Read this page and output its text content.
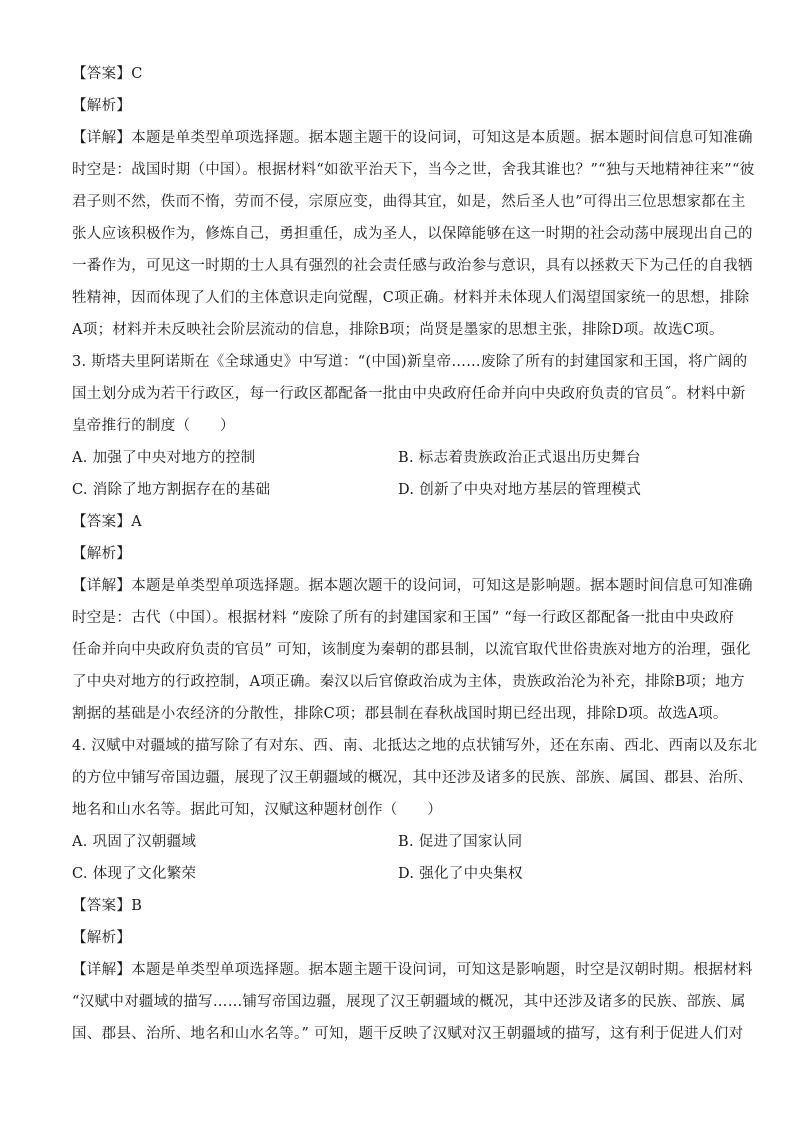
【答案】C
【解析】
【详解】本题是单类型单项选择题。据本题主题干的设问词，可知这是本质题。据本题时间信息可知准确
时空是：战国时期（中国）。根据材料“如欲平治天下，当今之世，舍我其谁也？”“独与天地精神往来”“彼
君子则不然，佚而不惰，劳而不侵，宗原应变，曲得其宜，如是，然后圣人也”可得出三位思想家都在主
张人应该积极作为，修炼自己，勇担重任，成为圣人，以保障能够在这一时期的社会动荡中展现出自己的
一番作为，可见这一时期的士人具有强烈的社会责任感与政治参与意识，具有以拯救天下为己任的自我牺
牲精神，因而体现了人们的主体意识走向觉醒，C项正确。材料并未体现人们渴望国家统一的思想，排除
A项；材料并未反映社会阶层流动的信息，排除B项；尚贤是墨家的思想主张，排除D项。故选C项。
3. 斯塔夫里阿诺斯在《全球通史》中写道：“(中国)新皇帝……废除了所有的封建国家和王国，将广阔的
国土划分成为若干行政区，每一行政区都配备一批由中央政府任命并向中央政府负责的官员˝。材料中新
皇帝推行的制度（　　）
A. 加强了中央对地方的控制	B. 标志着贵族政治正式退出历史舞台
C. 消除了地方割据存在的基础	D. 创新了中央对地方基层的管理模式
【答案】A
【解析】
【详解】本题是单类型单项选择题。据本题次题干的设问词，可知这是影响题。据本题时间信息可知准确
时空是：古代（中国）。根据材料 “废除了所有的封建国家和王国” “每一行政区都配备一批由中央政府
任命并向中央政府负责的官员” 可知，该制度为秦朝的郡县制，以流官取代世俗贵族对地方的治理，强化
了中央对地方的行政控制，A项正确。秦汉以后官僚政治成为主体，贵族政治沦为补充，排除B项；地方
割据的基础是小农经济的分散性，排除C项；郡县制在春秋战国时期已经出现，排除D项。故选A项。
4. 汉赋中对疆域的描写除了有对东、西、南、北抵达之地的点状铺写外，还在东南、西北、西南以及东北
的方位中铺写帝国边疆，展现了汉王朝疆域的概况，其中还涉及诸多的民族、部族、属国、郡县、治所、
地名和山水名等。据此可知，汉赋这种题材创作（　　）
A. 巩固了汉朝疆域	B. 促进了国家认同
C. 体现了文化繁荣	D. 强化了中央集权
【答案】B
【解析】
【详解】本题是单类型单项选择题。据本题主题干设问词，可知这是影响题，时空是汉朝时期。根据材料
“汉赋中对疆域的描写……铺写帝国边疆，展现了汉王朝疆域的概况，其中还涉及诸多的民族、部族、属
国、郡县、治所、地名和山水名等。” 可知，题干反映了汉赋对汉王朝疆域的描写，这有利于促进人们对
